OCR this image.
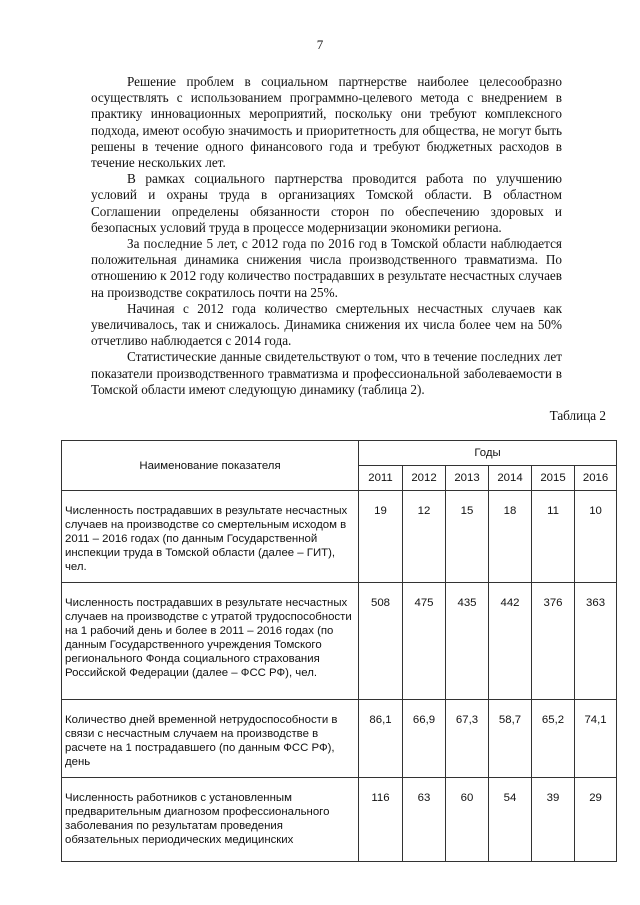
7

Решение проблем в социальном партнерстве наиболее целесообразно осуществлять с использованием программно-целевого метода с внедрением в практику инновационных мероприятий, поскольку они требуют комплексного подхода, имеют особую значимость и приоритетность для общества, не могут быть решены в течение одного финансового года и требуют бюджетных расходов в течение нескольких лет.

В рамках социального партнерства проводится работа по улучшению условий и охраны труда в организациях Томской области. В областном Соглашении определены обязанности сторон по обеспечению здоровых и безопасных условий труда в процессе модернизации экономики региона.

За последние 5 лет, с 2012 года по 2016 год в Томской области наблюдается положительная динамика снижения числа производственного травматизма. По отношению к 2012 году количество пострадавших в результате несчастных случаев на производстве сократилось почти на 25%.

Начиная с 2012 года количество смертельных несчастных случаев как увеличивалось, так и снижалось. Динамика снижения их числа более чем на 50% отчетливо наблюдается с 2014 года.

Статистические данные свидетельствуют о том, что в течение последних лет показатели производственного травматизма и профессиональной заболеваемости в Томской области имеют следующую динамику (таблица 2).

Таблица 2
Наименование показателя	Годы					
	2011	2012	2013	2014	2015	2016
Численность пострадавших в результате несчастных случаев на производстве со смертельным исходом в 2011 – 2016 годах (по данным Государственной инспекции труда в Томской области (далее – ГИТ), чел.	19	12	15	18	11	10
Численность пострадавших в результате несчастных случаев на производстве с утратой трудоспособности на 1 рабочий день и более в 2011 – 2016 годах (по данным Государственного учреждения Томского регионального Фонда социального страхования Российской Федерации (далее – ФСС РФ), чел.	508	475	435	442	376	363
Количество дней временной нетрудоспособности в связи с несчастным случаем на производстве в расчете на 1 пострадавшего (по данным ФСС РФ), день	86,1	66,9	67,3	58,7	65,2	74,1
Численность работников с установленным предварительным диагнозом профессионального заболевания по результатам проведения обязательных периодических медицинских	116	63	60	54	39	29
